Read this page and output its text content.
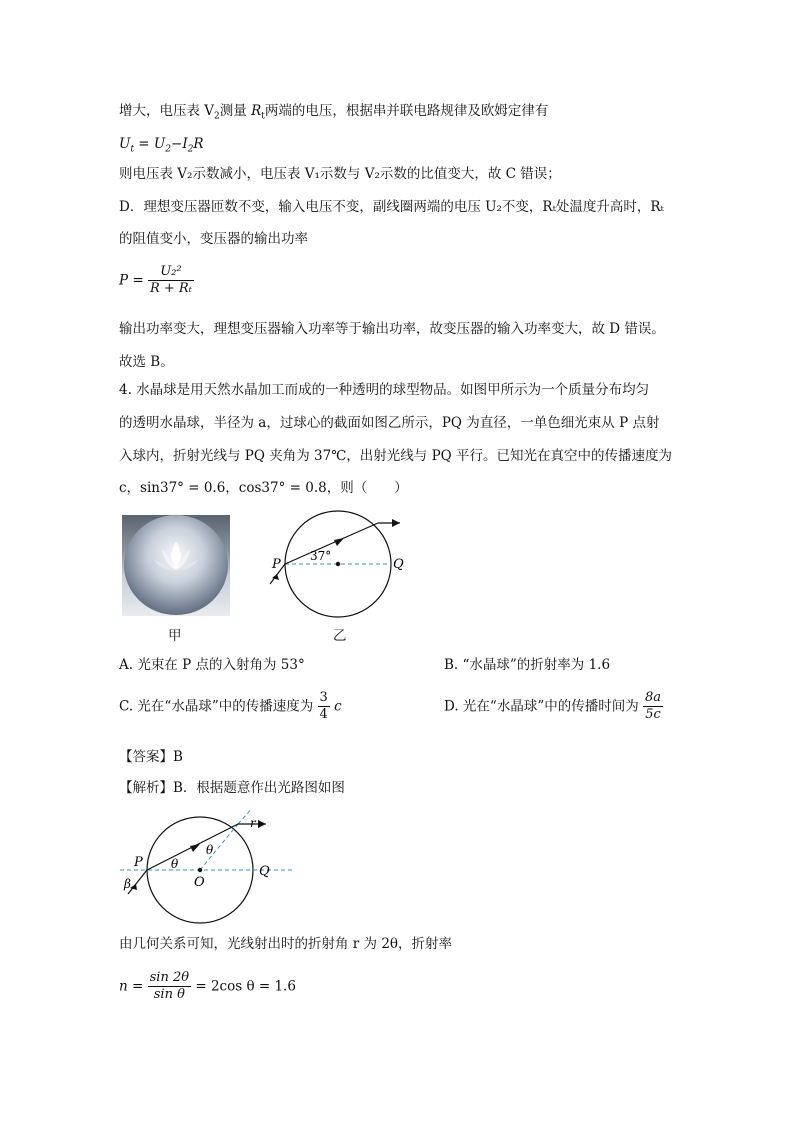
增大，电压表 $V_2$测量 $R_t$两端的电压，根据串并联电路规律及欧姆定律有
$U_t = U_2-I_2R$
则电压表 V₂示数减小，电压表 V₁示数与 V₂示数的比值变大，故 C 错误；
D．理想变压器匝数不变，输入电压不变，副线圈两端的电压 U₂不变，Rₜ处温度升高时，Rₜ
的阻值变小，变压器的输出功率
$P = \frac{\text{U₂²}}{\text{R + Rₜ}}$
输出功率变大，理想变压器输入功率等于输出功率，故变压器的输入功率变大，故 D 错误。
故选 B。
4. 水晶球是用天然水晶加工而成的一种透明的球型物品。如图甲所示为一个质量分布均匀
的透明水晶球，半径为 a，过球心的截面如图乙所示，PQ 为直径，一单色细光束从 P 点射
入球内，折射光线与 PQ 夹角为 37℃，出射光线与 PQ 平行。已知光在真空中的传播速度为
c，sin37° = 0.6，cos37° = 0.8，则（　　）
甲
37°
P	Q
乙
A. 光束在 P 点的入射角为 53°	B. “水晶球”的折射率为 1.6
C. 光在“水晶球”中的传播速度为 $\frac{3}{4}$ c	D. 光在“水晶球”中的传播时间为 $\frac{8a}{5c}$
【答案】B
【解析】B．根据题意作出光路图如图
P
Q
O
θ
θ
β
r
由几何关系可知，光线射出时的折射角 r 为 2θ，折射率
$n = \frac{\sin 2\theta}{\text{sin θ}} = 2\cos$ θ = 1.6
